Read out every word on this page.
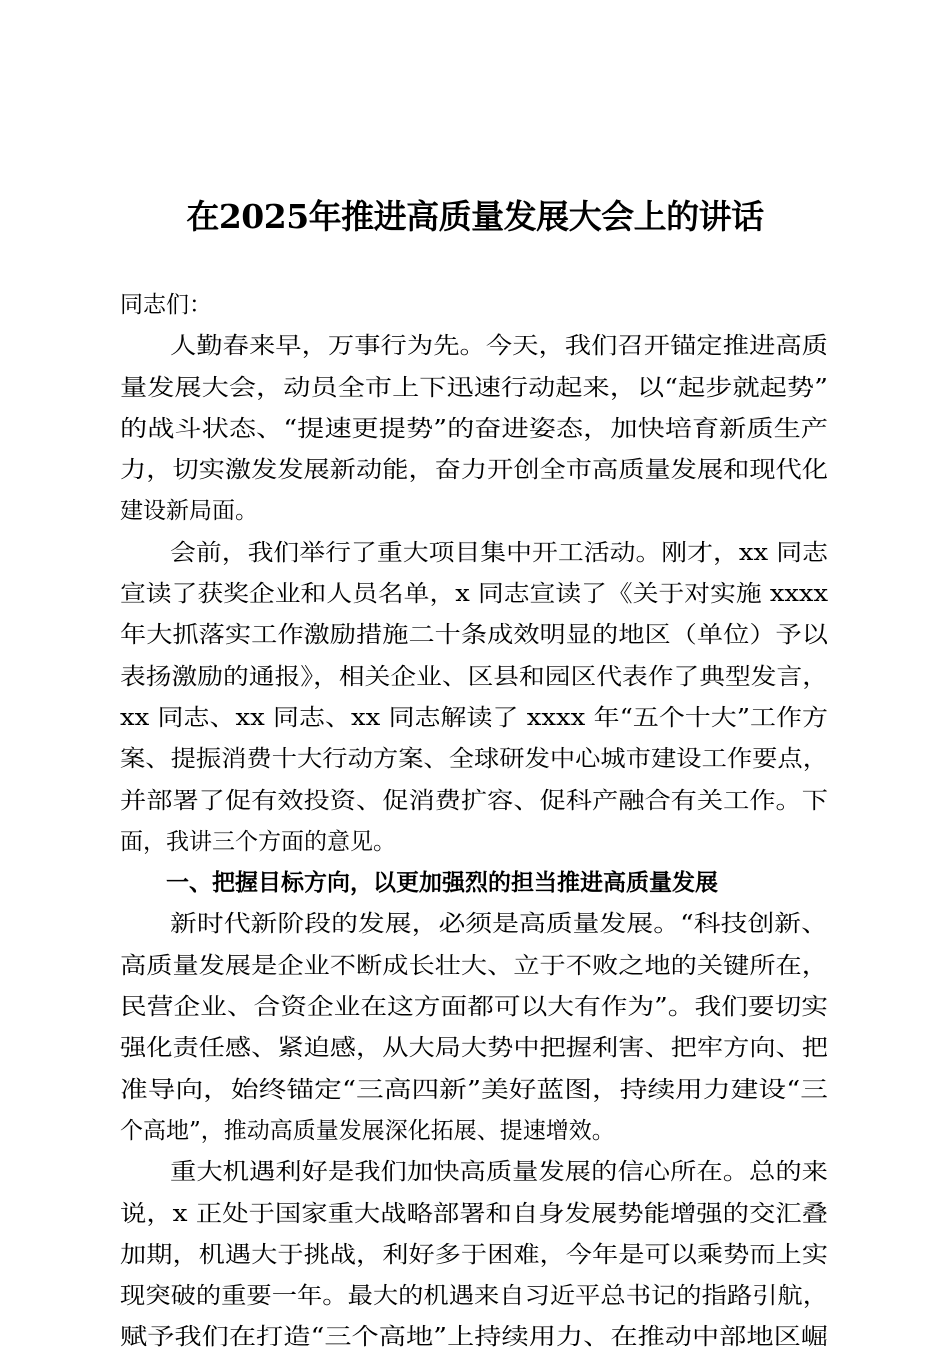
在2025年推进高质量发展大会上的讲话
同志们：
人勤春来早，万事行为先。今天，我们召开锚定推进高质
量发展大会，动员全市上下迅速行动起来，以“起步就起势”
的战斗状态、“提速更提势”的奋进姿态，加快培育新质生产
力，切实激发发展新动能，奋力开创全市高质量发展和现代化
建设新局面。
会前，我们举行了重大项目集中开工活动。刚才，xx 同志
宣读了获奖企业和人员名单，x 同志宣读了《关于对实施 xxxx
年大抓落实工作激励措施二十条成效明显的地区（单位）予以
表扬激励的通报》，相关企业、区县和园区代表作了典型发言，
xx 同志、xx 同志、xx 同志解读了 xxxx 年“五个十大”工作方
案、提振消费十大行动方案、全球研发中心城市建设工作要点，
并部署了促有效投资、促消费扩容、促科产融合有关工作。下
面，我讲三个方面的意见。
一、把握目标方向，以更加强烈的担当推进高质量发展
新时代新阶段的发展，必须是高质量发展。“科技创新、
高质量发展是企业不断成长壮大、立于不败之地的关键所在，
民营企业、合资企业在这方面都可以大有作为”。我们要切实
强化责任感、紧迫感，从大局大势中把握利害、把牢方向、把
准导向，始终锚定“三高四新”美好蓝图，持续用力建设“三
个高地”，推动高质量发展深化拓展、提速增效。
重大机遇利好是我们加快高质量发展的信心所在。总的来
说，x 正处于国家重大战略部署和自身发展势能增强的交汇叠
加期，机遇大于挑战，利好多于困难，今年是可以乘势而上实
现突破的重要一年。最大的机遇来自习近平总书记的指路引航，
赋予我们在打造“三个高地”上持续用力、在推动中部地区崛
